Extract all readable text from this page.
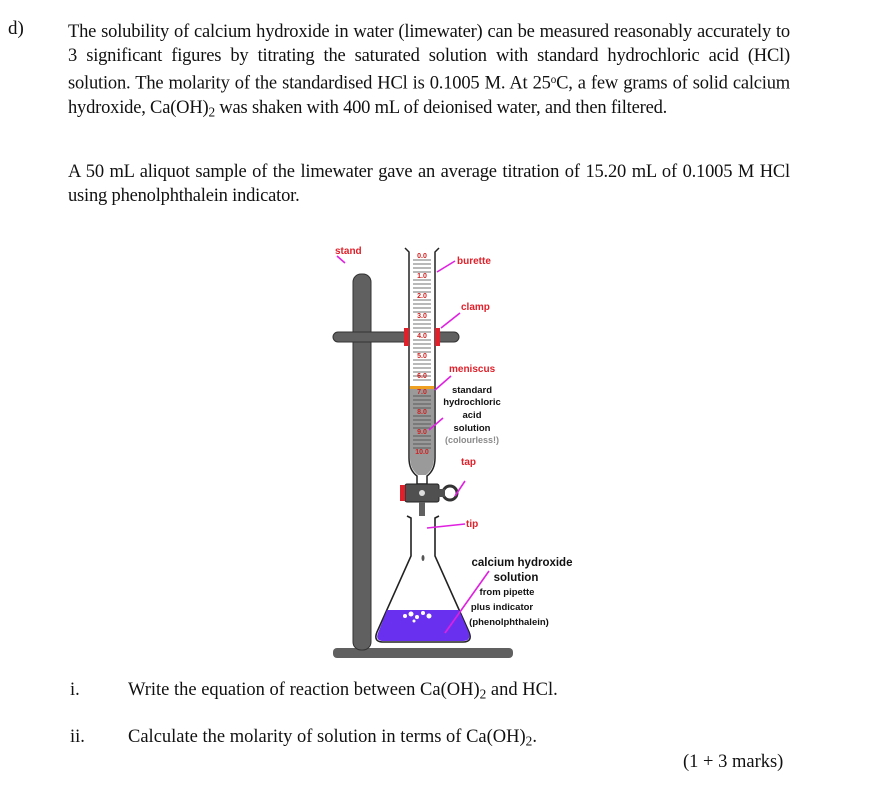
d) The solubility of calcium hydroxide in water (limewater) can be measured reasonably accurately to 3 significant figures by titrating the saturated solution with standard hydrochloric acid (HCl) solution. The molarity of the standardised HCl is 0.1005 M. At 25$^o$C, a few grams of solid calcium hydroxide, $Ca(OH)_2$ was shaken with 400 mL of deionised water, and then filtered.
A 50 mL aliquot sample of the limewater gave an average titration of 15.20 mL of 0.1005 M HCl using phenolphthalein indicator.
0.0
1.0
2.0
3.0
4.0
5.0
6.0
7.0
8.0
9.0
10.0
stand
burette
clamp
meniscus
standard
hydrochloric
acid
solution
(colourless!)
tap
tip
calcium hydroxide
solution
from pipette
plus indicator
(phenolphthalein)
i.	Write the equation of reaction between $Ca(OH)_2$ and HCl.
ii. Calculate the molarity of solution in terms of $Ca(OH)_2$.
(1 + 3 marks)
